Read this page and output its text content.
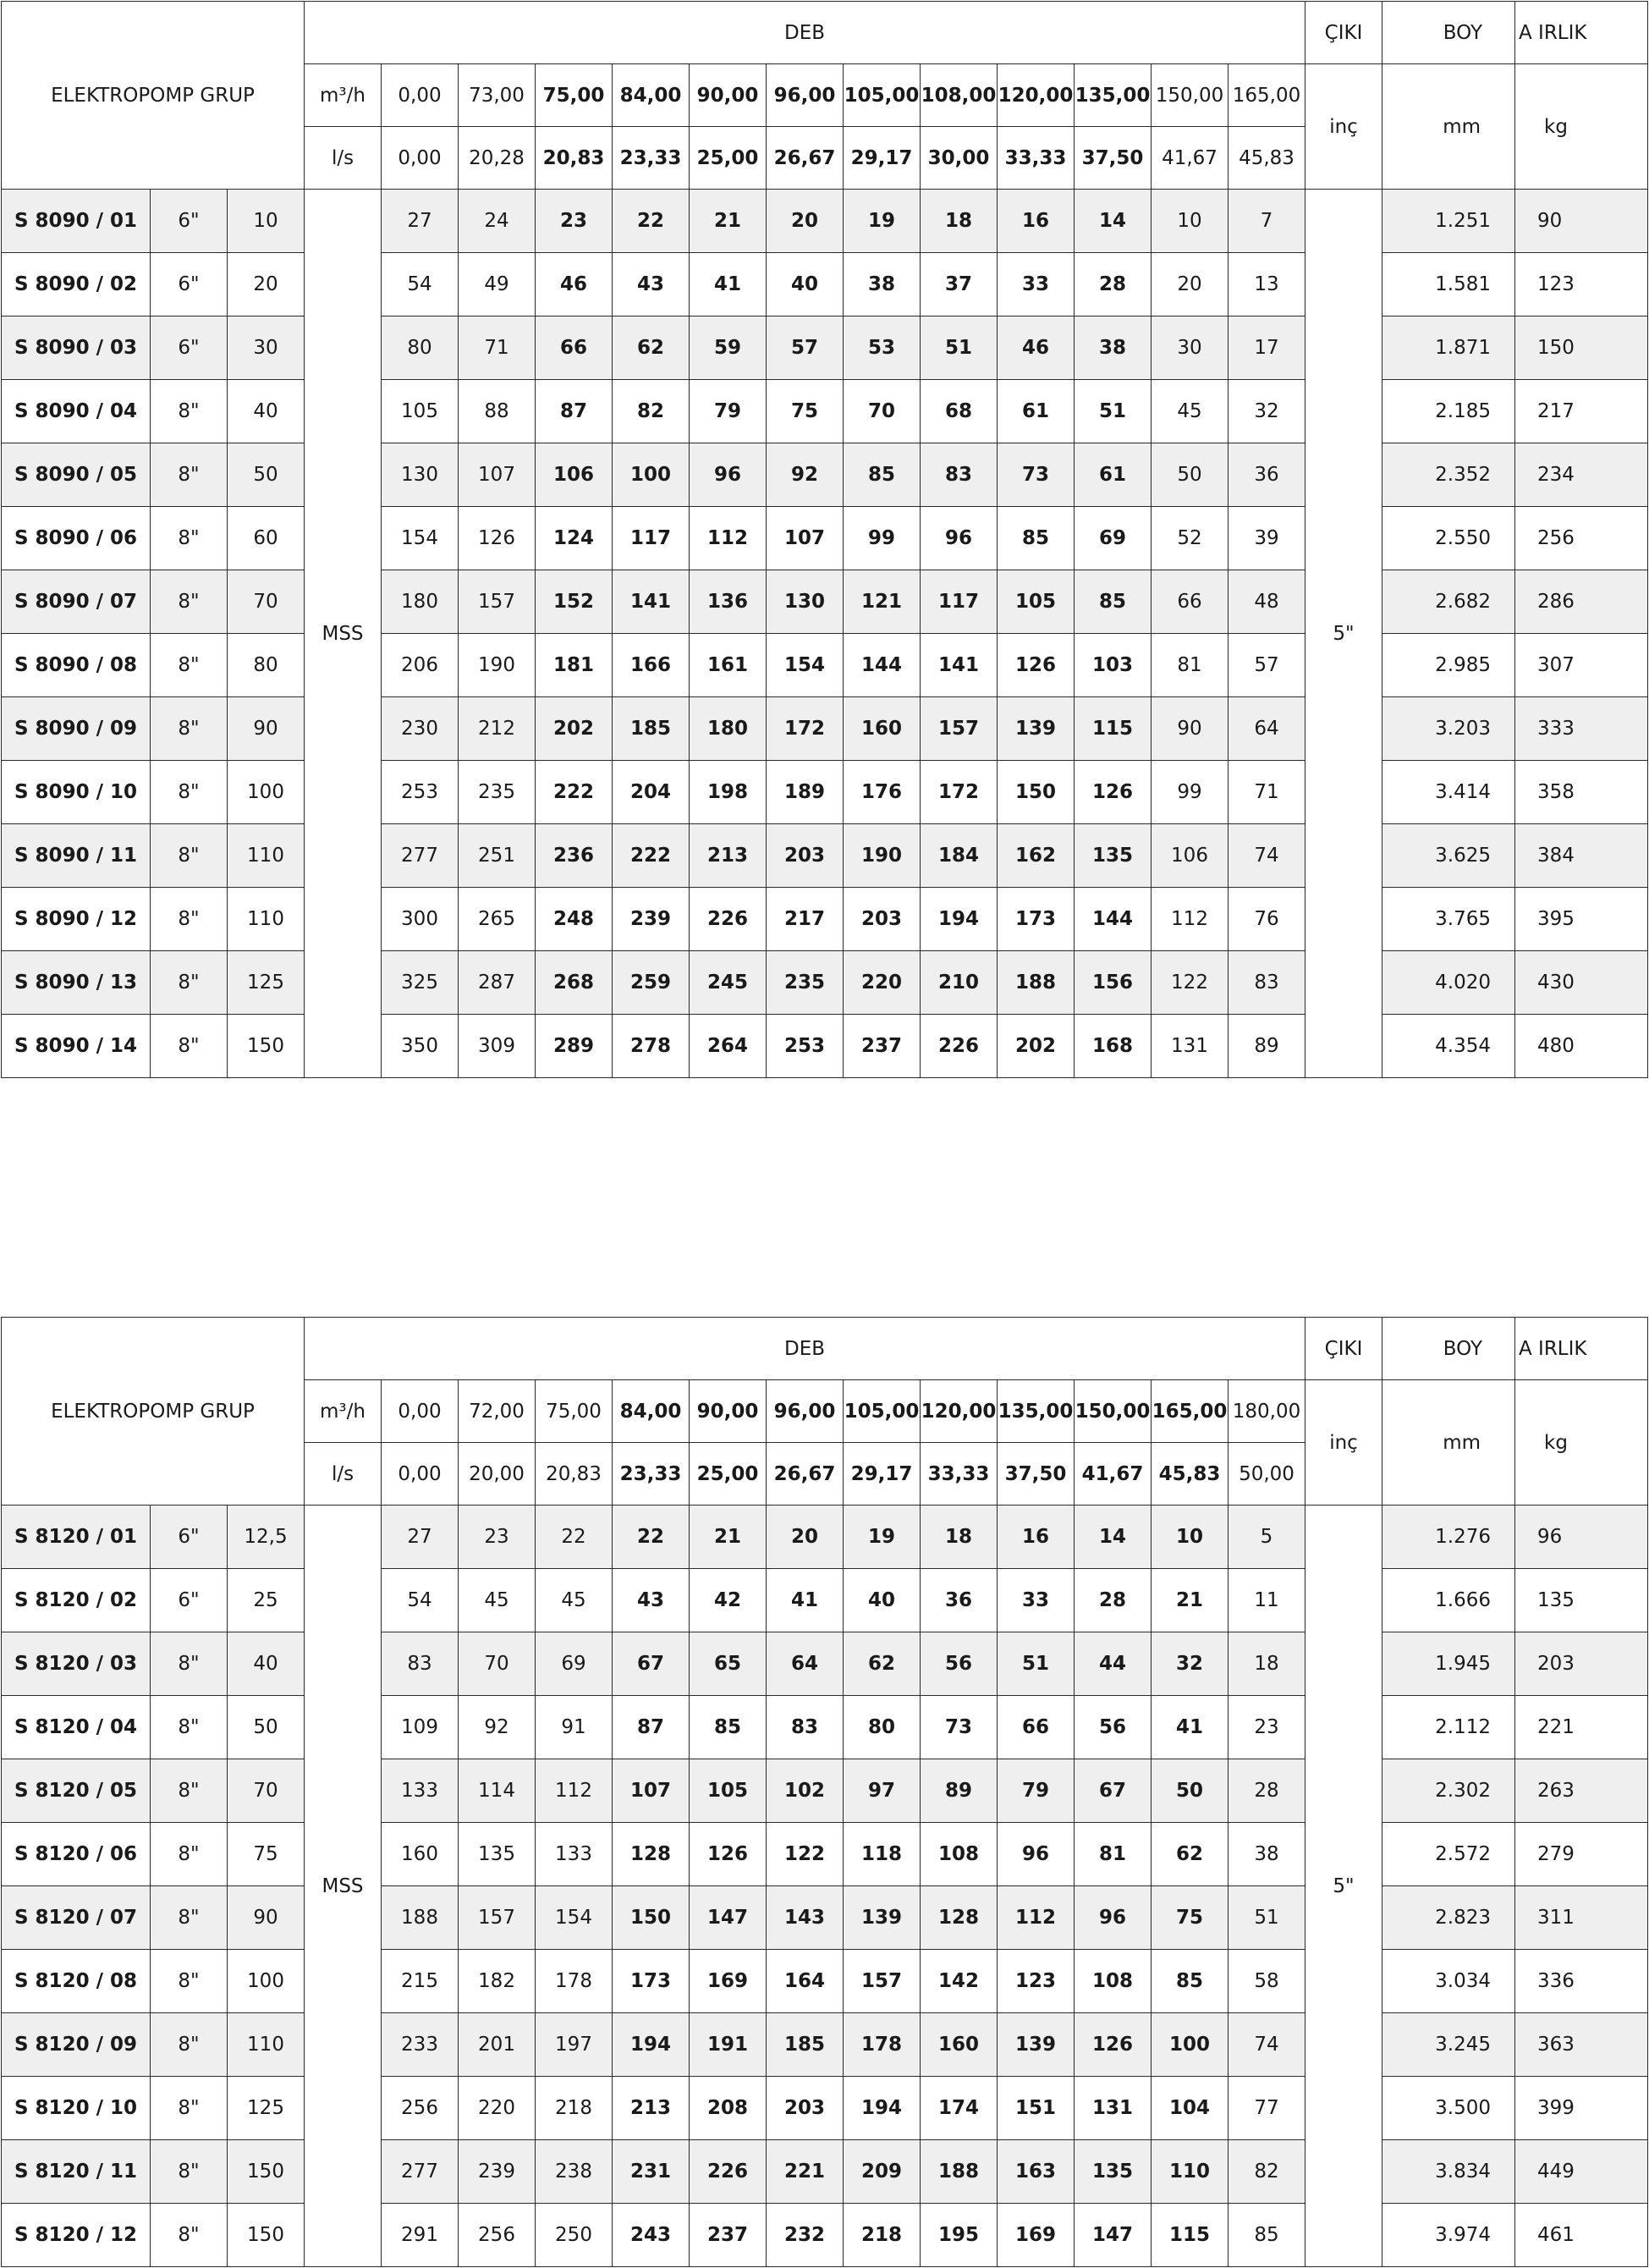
ELEKTROPOMP GRUP			DEB													ÇIKI	BOY	A IRLIK
			m³/h	0,00	73,00	75,00	84,00	90,00	96,00	105,00	108,00	120,00	135,00	150,00	165,00	inç	mm	kg
			l/s	0,00	20,28	20,83	23,33	25,00	26,67	29,17	30,00	33,33	37,50	41,67	45,83			
S 8090 / 01	6"	10	MSS	27	24	23	22	21	20	19	18	16	14	10	7	5"	1.251	90
S 8090 / 02	6"	20		54	49	46	43	41	40	38	37	33	28	20	13		1.581	123
S 8090 / 03	6"	30		80	71	66	62	59	57	53	51	46	38	30	17		1.871	150
S 8090 / 04	8"	40		105	88	87	82	79	75	70	68	61	51	45	32		2.185	217
S 8090 / 05	8"	50		130	107	106	100	96	92	85	83	73	61	50	36		2.352	234
S 8090 / 06	8"	60		154	126	124	117	112	107	99	96	85	69	52	39		2.550	256
S 8090 / 07	8"	70		180	157	152	141	136	130	121	117	105	85	66	48		2.682	286
S 8090 / 08	8"	80		206	190	181	166	161	154	144	141	126	103	81	57		2.985	307
S 8090 / 09	8"	90		230	212	202	185	180	172	160	157	139	115	90	64		3.203	333
S 8090 / 10	8"	100		253	235	222	204	198	189	176	172	150	126	99	71		3.414	358
S 8090 / 11	8"	110		277	251	236	222	213	203	190	184	162	135	106	74		3.625	384
S 8090 / 12	8"	110		300	265	248	239	226	217	203	194	173	144	112	76		3.765	395
S 8090 / 13	8"	125		325	287	268	259	245	235	220	210	188	156	122	83		4.020	430
S 8090 / 14	8"	150		350	309	289	278	264	253	237	226	202	168	131	89		4.354	480
ELEKTROPOMP GRUP			DEB													ÇIKI	BOY	A IRLIK
			m³/h	0,00	72,00	75,00	84,00	90,00	96,00	105,00	120,00	135,00	150,00	165,00	180,00	inç	mm	kg
			l/s	0,00	20,00	20,83	23,33	25,00	26,67	29,17	33,33	37,50	41,67	45,83	50,00			
S 8120 / 01	6"	12,5	MSS	27	23	22	22	21	20	19	18	16	14	10	5	5"	1.276	96
S 8120 / 02	6"	25		54	45	45	43	42	41	40	36	33	28	21	11		1.666	135
S 8120 / 03	8"	40		83	70	69	67	65	64	62	56	51	44	32	18		1.945	203
S 8120 / 04	8"	50		109	92	91	87	85	83	80	73	66	56	41	23		2.112	221
S 8120 / 05	8"	70		133	114	112	107	105	102	97	89	79	67	50	28		2.302	263
S 8120 / 06	8"	75		160	135	133	128	126	122	118	108	96	81	62	38		2.572	279
S 8120 / 07	8"	90		188	157	154	150	147	143	139	128	112	96	75	51		2.823	311
S 8120 / 08	8"	100		215	182	178	173	169	164	157	142	123	108	85	58		3.034	336
S 8120 / 09	8"	110		233	201	197	194	191	185	178	160	139	126	100	74		3.245	363
S 8120 / 10	8"	125		256	220	218	213	208	203	194	174	151	131	104	77		3.500	399
S 8120 / 11	8"	150		277	239	238	231	226	221	209	188	163	135	110	82		3.834	449
S 8120 / 12	8"	150		291	256	250	243	237	232	218	195	169	147	115	85		3.974	461
